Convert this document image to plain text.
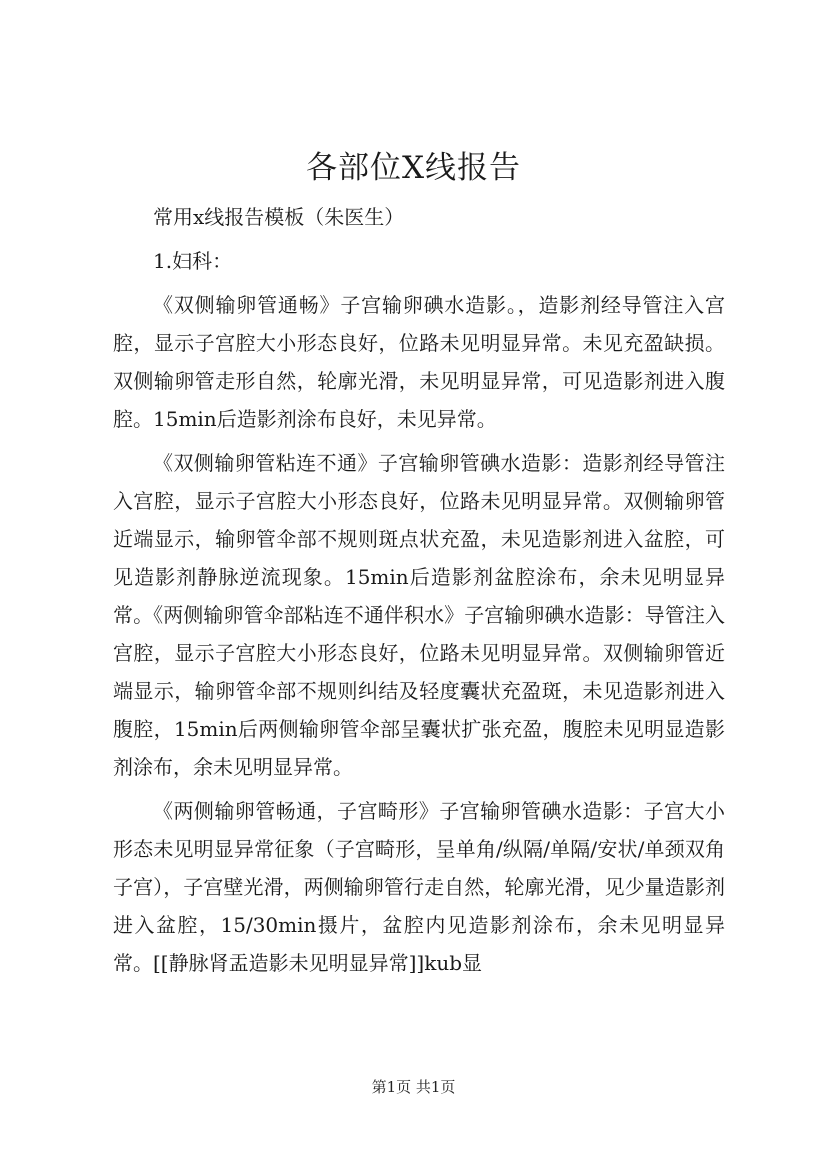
各部位X线报告

常用x线报告模板（朱医生）

1.妇科：

《双侧输卵管通畅》子宫输卵碘水造影。，造影剂经导管注入宫腔，显示子宫腔大小形态良好，位路未见明显异常。未见充盈缺损。双侧输卵管走形自然，轮廓光滑，未见明显异常，可见造影剂进入腹腔。15min后造影剂涂布良好，未见异常。

《双侧输卵管粘连不通》子宫输卵管碘水造影：造影剂经导管注入宫腔，显示子宫腔大小形态良好，位路未见明显异常。双侧输卵管近端显示，输卵管伞部不规则斑点状充盈，未见造影剂进入盆腔，可见造影剂静脉逆流现象。15min后造影剂盆腔涂布，余未见明显异常。《两侧输卵管伞部粘连不通伴积水》子宫输卵碘水造影：导管注入宫腔，显示子宫腔大小形态良好，位路未见明显异常。双侧输卵管近端显示，输卵管伞部不规则纠结及轻度囊状充盈斑，未见造影剂进入腹腔，15min后两侧输卵管伞部呈囊状扩张充盈，腹腔未见明显造影剂涂布，余未见明显异常。

《两侧输卵管畅通，子宫畸形》子宫输卵管碘水造影：子宫大小形态未见明显异常征象（子宫畸形，呈单角/纵隔/单隔/安状/单颈双角子宫），子宫壁光滑，两侧输卵管行走自然，轮廓光滑，见少量造影剂进入盆腔，15/30min摄片，盆腔内见造影剂涂布，余未见明显异常。[[静脉肾盂造影未见明显异常]]kub显

第1页 共1页
